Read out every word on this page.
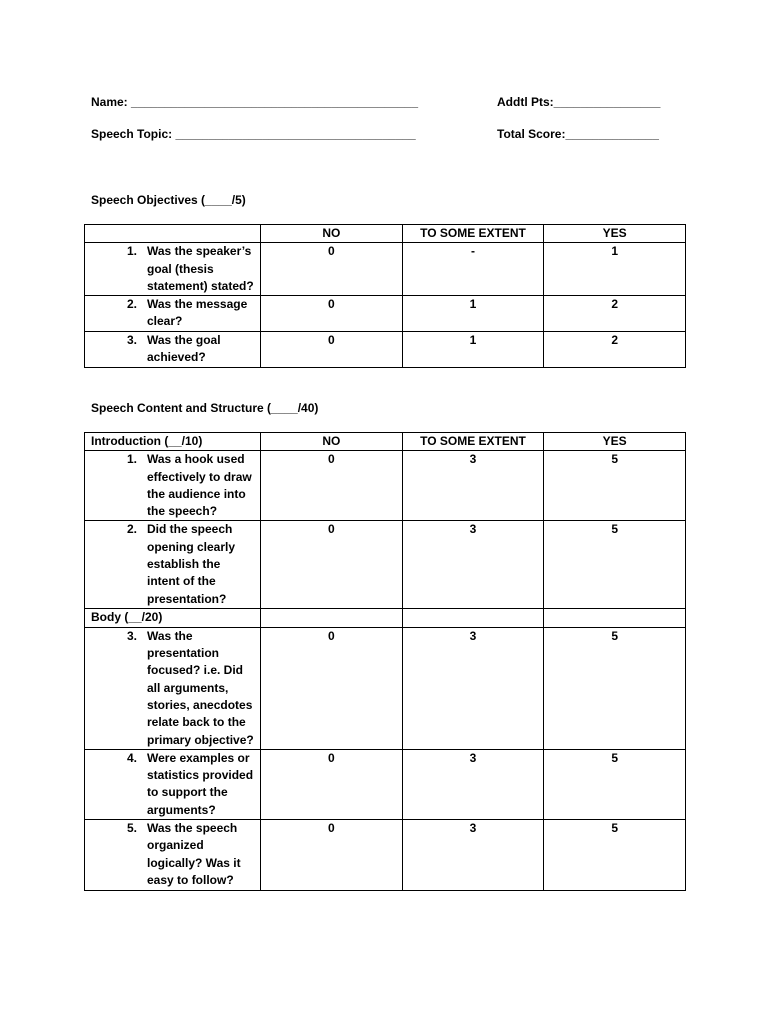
Name: ___________________________________________	Addtl Pts:________________
Speech Topic: ____________________________________	Total Score:______________
Speech Objectives (____/5)
	NO	TO SOME EXTENT	YES

1. Was the speaker’s goal (thesis statement) stated?	0	-	1

2. Was the message clear?	0	1	2

3. Was the goal achieved?	0	1	2
Speech Content and Structure (____/40)
Introduction (__/10)	NO	TO SOME EXTENT	YES

1. Was a hook used effectively to draw the audience into the speech?	0	3	5

2. Did the speech opening clearly establish the intent of the presentation?	0	3	5
Body (__/20)			

3. Was the presentation focused? i.e. Did all arguments, stories, anecdotes relate back to the primary objective?	0	3	5

4. Were examples or statistics provided to support the arguments?	0	3	5

5. Was the speech organized logically? Was it easy to follow?	0	3	5
